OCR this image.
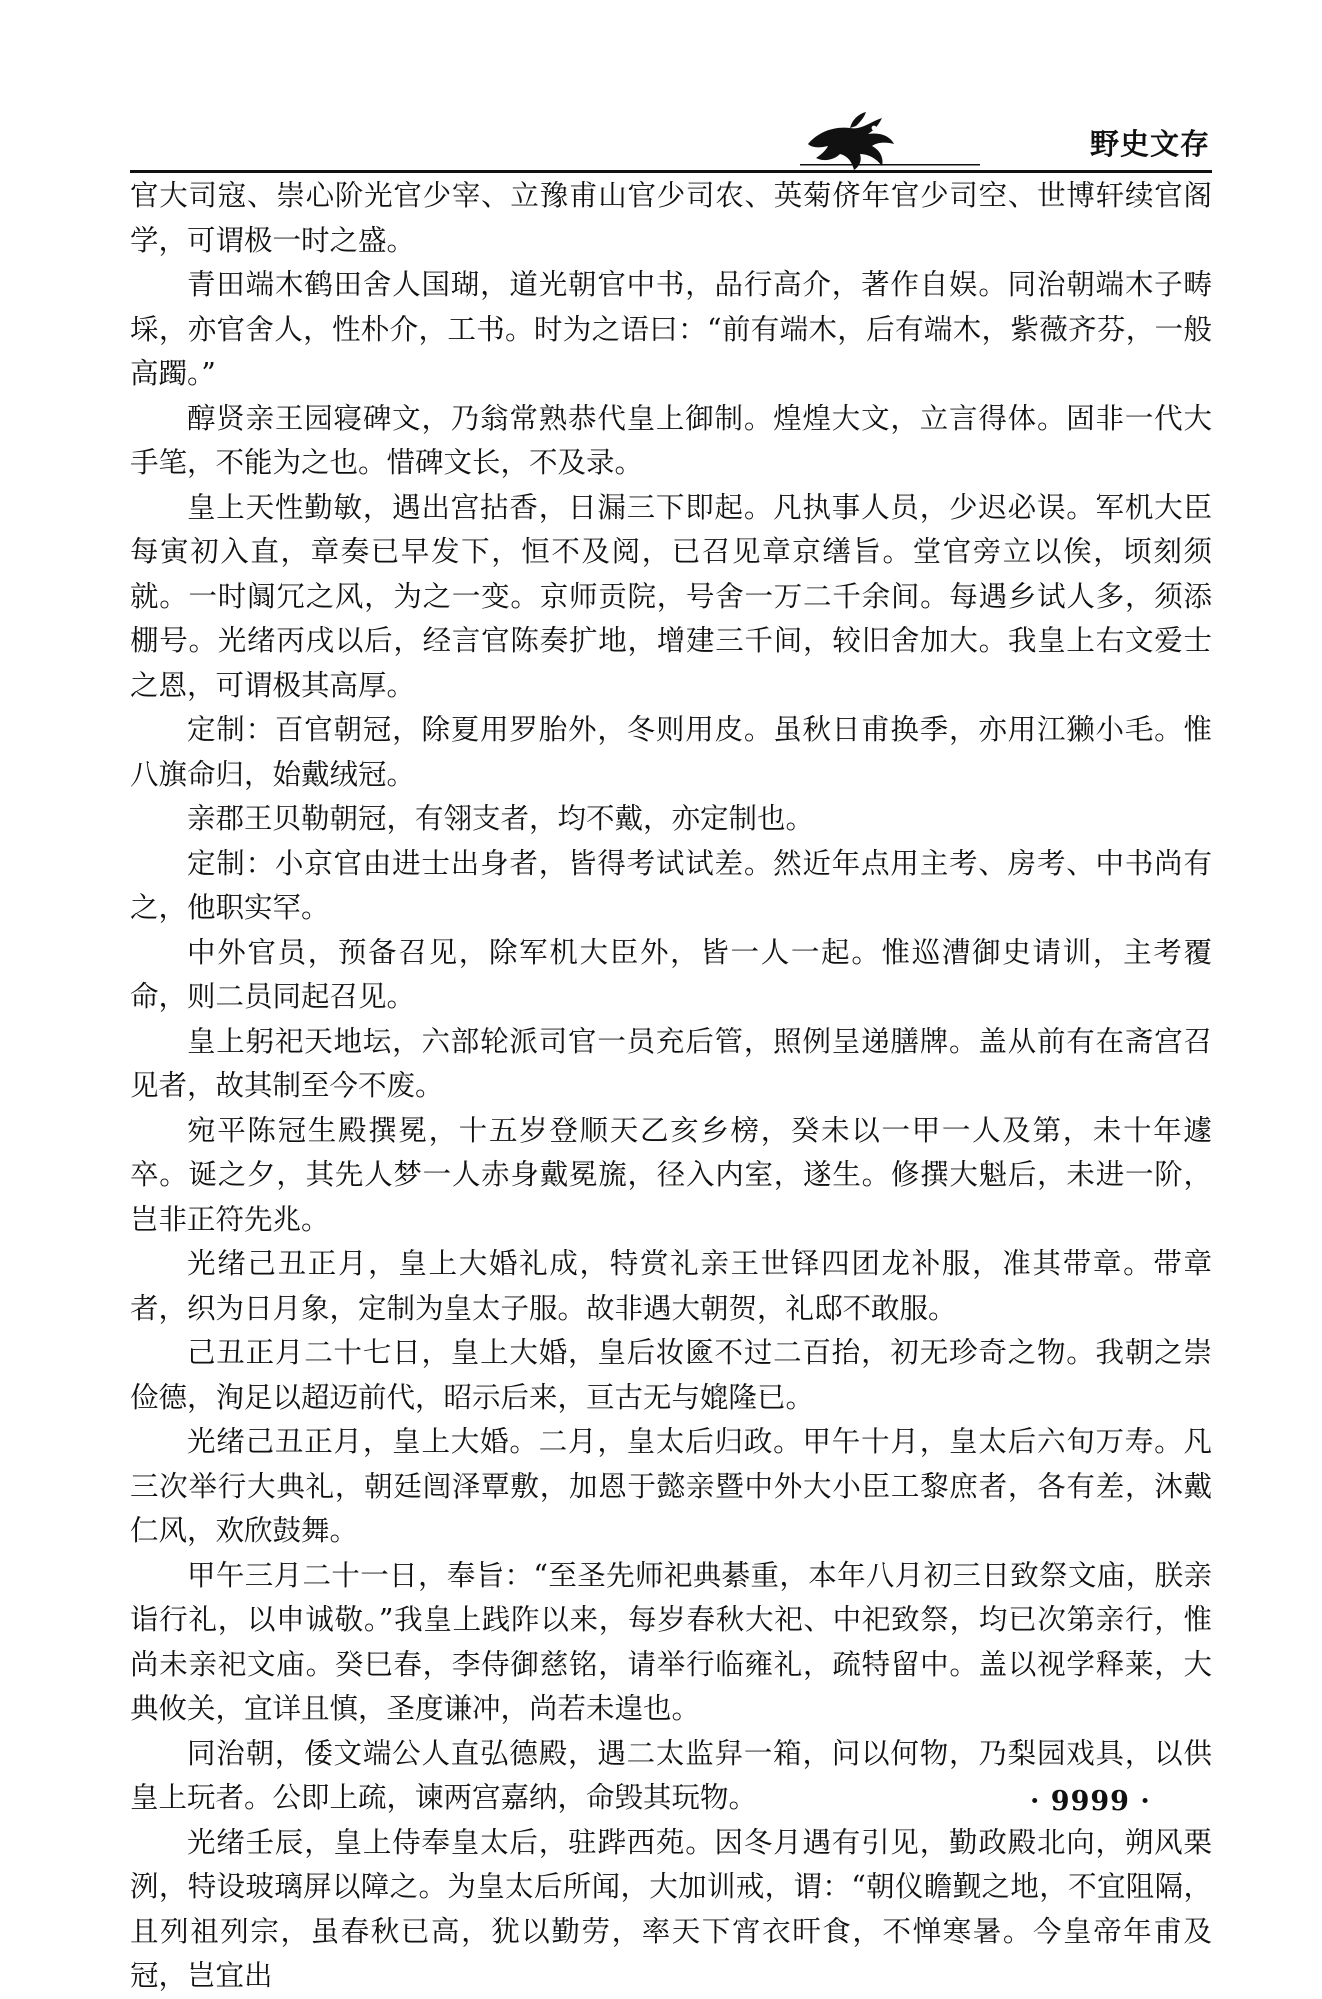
野史文存

官大司寇、崇心阶光官少宰、立豫甫山官少司农、英菊侪年官少司空、世博轩续官阁学，可谓极一时之盛。

青田端木鹤田舍人国瑚，道光朝官中书，品行高介，著作自娱。同治朝端木子畴埰，亦官舍人，性朴介，工书。时为之语曰：“前有端木，后有端木，紫薇齐芬，一般高躅。”

醇贤亲王园寝碑文，乃翁常熟恭代皇上御制。煌煌大文，立言得体。固非一代大手笔，不能为之也。惜碑文长，不及录。

皇上天性勤敏，遇出宫拈香，日漏三下即起。凡执事人员，少迟必误。军机大臣每寅初入直，章奏已早发下，恒不及阅，已召见章京缮旨。堂官旁立以俟，顷刻须就。一时阘冗之风，为之一变。京师贡院，号舍一万二千余间。每遇乡试人多，须添棚号。光绪丙戌以后，经言官陈奏扩地，增建三千间，较旧舍加大。我皇上右文爱士之恩，可谓极其高厚。

定制：百官朝冠，除夏用罗胎外，冬则用皮。虽秋日甫换季，亦用江獭小毛。惟八旗命归，始戴绒冠。

亲郡王贝勒朝冠，有翎支者，均不戴，亦定制也。

定制：小京官由进士出身者，皆得考试试差。然近年点用主考、房考、中书尚有之，他职实罕。

中外官员，预备召见，除军机大臣外，皆一人一起。惟巡漕御史请训，主考覆命，则二员同起召见。

皇上躬祀天地坛，六部轮派司官一员充后管，照例呈递膳牌。盖从前有在斋宫召见者，故其制至今不废。

宛平陈冠生殿撰冕，十五岁登顺天乙亥乡榜，癸未以一甲一人及第，未十年遽卒。诞之夕，其先人梦一人赤身戴冕旒，径入内室，遂生。修撰大魁后，未进一阶，岂非正符先兆。

光绪己丑正月，皇上大婚礼成，特赏礼亲王世铎四团龙补服，准其带章。带章者，织为日月象，定制为皇太子服。故非遇大朝贺，礼邸不敢服。

己丑正月二十七日，皇上大婚，皇后妆匳不过二百抬，初无珍奇之物。我朝之崇俭德，洵足以超迈前代，昭示后来，亘古无与媲隆已。

光绪己丑正月，皇上大婚。二月，皇太后归政。甲午十月，皇太后六旬万寿。凡三次举行大典礼，朝廷闿泽覃敷，加恩于懿亲暨中外大小臣工黎庶者，各有差，沐戴仁风，欢欣鼓舞。

甲午三月二十一日，奉旨：“至圣先师祀典綦重，本年八月初三日致祭文庙，朕亲诣行礼，以申诚敬。”我皇上践阼以来，每岁春秋大祀、中祀致祭，均已次第亲行，惟尚未亲祀文庙。癸巳春，李侍御慈铭，请举行临雍礼，疏特留中。盖以视学释莱，大典攸关，宜详且慎，圣度谦冲，尚若未遑也。

同治朝，倭文端公人直弘德殿，遇二太监舁一箱，问以何物，乃梨园戏具，以供皇上玩者。公即上疏，谏两宫嘉纳，命毁其玩物。

光绪壬辰，皇上侍奉皇太后，驻跸西苑。因冬月遇有引见，勤政殿北向，朔风栗洌，特设玻璃屏以障之。为皇太后所闻，大加训戒，谓：“朝仪瞻觐之地，不宜阻隔，且列祖列宗，虽春秋已高，犹以勤劳，率天下宵衣旰食，不惮寒暑。今皇帝年甫及冠，岂宜出

· 9999 ·
